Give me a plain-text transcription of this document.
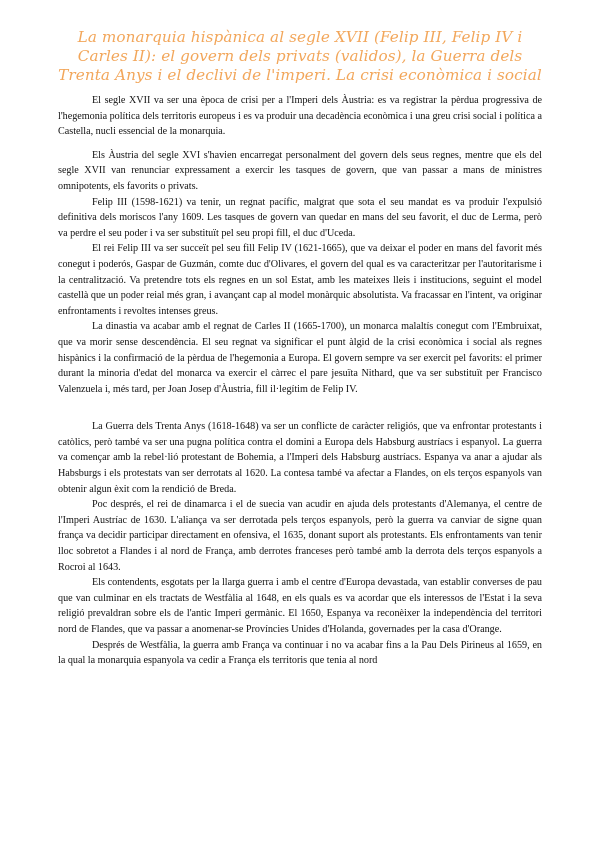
La monarquia hispànica al segle XVII (Felip III, Felip IV i Carles II): el govern dels privats (validos), la Guerra dels Trenta Anys i el declivi de l'imperi. La crisi econòmica i social

El segle XVII va ser una època de crisi per a l'Imperi dels Àustria: es va registrar la pèrdua progressiva de l'hegemonia política dels territoris europeus i es va produir una decadència econòmica i una greu crisi social i política a Castella, nucli essencial de la monarquia.

Els Àustria del segle XVI s'havien encarregat personalment del govern dels seus regnes, mentre que els del segle XVII van renunciar expressament a exercir les tasques de govern, que van passar a mans de ministres omnipotents, els favorits o privats.

Felip III (1598-1621) va tenir, un regnat pacífic, malgrat que sota el seu mandat es va produir l'expulsió definitiva dels moriscos l'any 1609. Les tasques de govern van quedar en mans del seu favorit, el duc de Lerma, però va perdre el seu poder i va ser substituït pel seu propi fill, el duc d'Uceda.

El rei Felip III va ser succeït pel seu fill Felip IV (1621-1665), que va deixar el poder en mans del favorit més conegut i poderós, Gaspar de Guzmán, comte duc d'Olivares, el govern del qual es va caracteritzar per l'autoritarisme i la centralització. Va pretendre tots els regnes en un sol Estat, amb les mateixes lleis i institucions, seguint el model castellà que un poder reial més gran, i avançant cap al model monàrquic absolutista. Va fracassar en l'intent, va originar enfrontaments i revoltes intenses greus.

La dinastia va acabar amb el regnat de Carles II (1665-1700), un monarca malaltís conegut com l'Embruixat, que va morir sense descendència. El seu regnat va significar el punt àlgid de la crisi econòmica i social als regnes hispànics i la confirmació de la pèrdua de l'hegemonia a Europa. El govern sempre va ser exercit pel favorits: el primer durant la minoria d'edat del monarca va exercir el càrrec el pare jesuïta Nithard, que va ser substituït per Francisco Valenzuela i, més tard, per Joan Josep d'Àustria, fill il·legítim de Felip IV.

La Guerra dels Trenta Anys (1618-1648) va ser un conflicte de caràcter religiós, que va enfrontar protestants i catòlics, però també va ser una pugna política contra el domini a Europa dels Habsburg austríacs i espanyol. La guerra va començar amb la rebel·lió protestant de Bohemia, a l'Imperi dels Habsburg austríacs. Espanya va anar a ajudar als Habsburgs i els protestats van ser derrotats al 1620. La contesa també va afectar a Flandes, on els terços espanyols van obtenir algun èxit com la rendició de Breda.

Poc després, el rei de dinamarca i el de suecia van acudir en ajuda dels protestants d'Alemanya, el centre de l'Imperi Austríac de 1630. L'aliança va ser derrotada pels terços espanyols, però la guerra va canviar de signe quan frança va decidir participar directament en ofensiva, el 1635, donant suport als protestants. Els enfrontaments van tenir lloc sobretot a Flandes i al nord de França, amb derrotes franceses però també amb la derrota dels terços espanyols a Rocroi al 1643.

Els contendents, esgotats per la llarga guerra i amb el centre d'Europa devastada, van establir converses de pau que van culminar en els tractats de Westfàlia al 1648, en els quals es va acordar que els interessos de l'Estat i la seva religió prevaldran sobre els de l'antic Imperi germànic. El 1650, Espanya va reconèixer la independència del territori nord de Flandes, que va passar a anomenar-se Províncies Unides d'Holanda, governades per la casa d'Orange.

Després de Westfàlia, la guerra amb França va continuar i no va acabar fins a la Pau Dels Pirineus al 1659, en la qual la monarquia espanyola va cedir a França els territoris que tenia al nord
